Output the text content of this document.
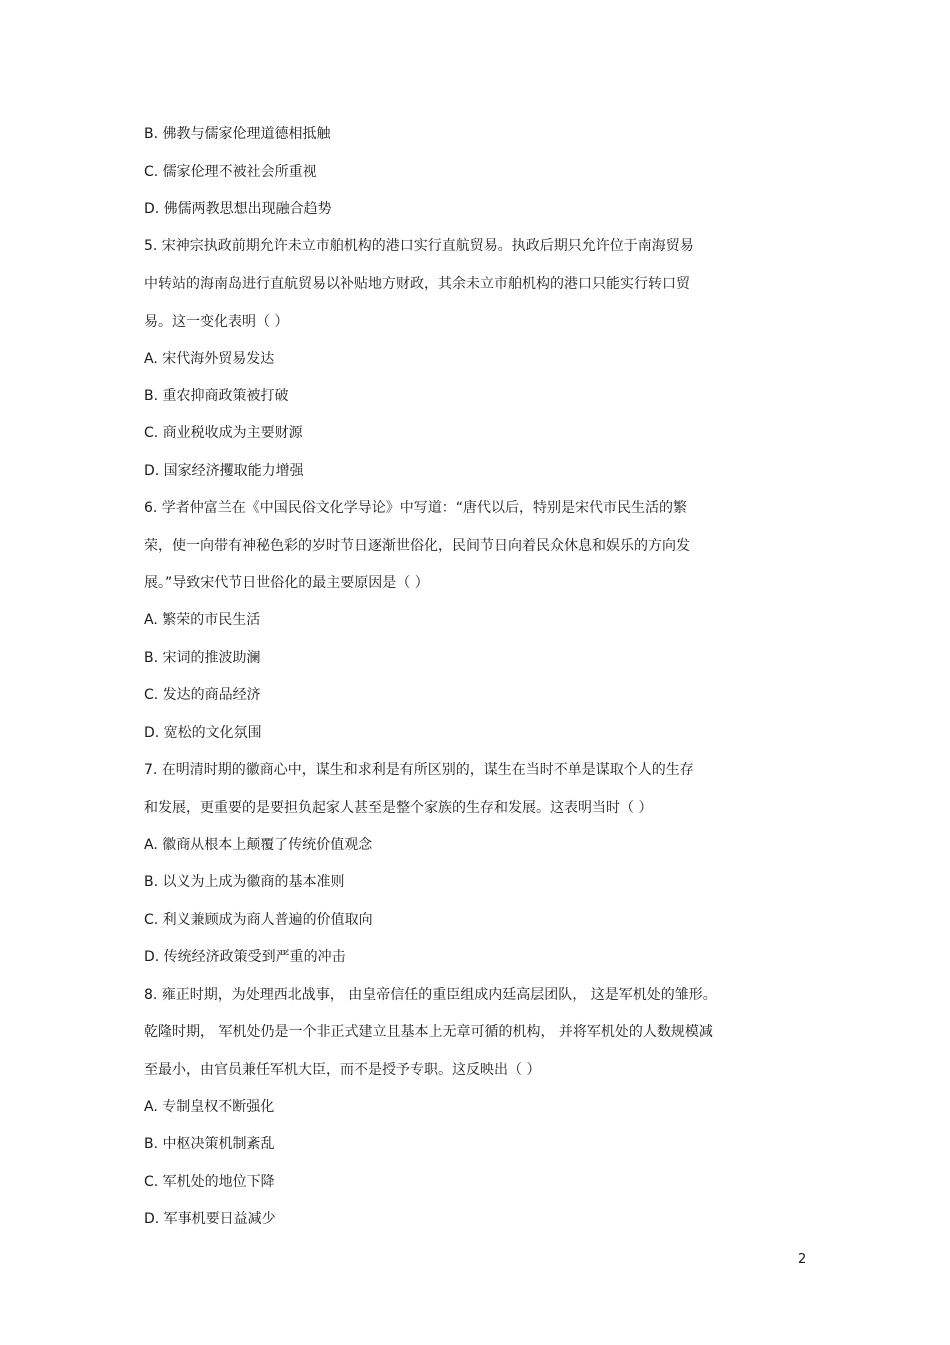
B. 佛教与儒家伦理道德相抵触
C. 儒家伦理不被社会所重视
D. 佛儒两教思想出现融合趋势
5. 宋神宗执政前期允许未立市舶机构的港口实行直航贸易。执政后期只允许位于南海贸易
中转站的海南岛进行直航贸易以补贴地方财政，其余未立市舶机构的港口只能实行转口贸
易。这一变化表明（ ）
A. 宋代海外贸易发达
B. 重农抑商政策被打破
C. 商业税收成为主要财源
D. 国家经济攫取能力增强
6. 学者仲富兰在《中国民俗文化学导论》中写道：“唐代以后，特别是宋代市民生活的繁
荣，使一向带有神秘色彩的岁时节日逐渐世俗化，民间节日向着民众休息和娱乐的方向发
展。”导致宋代节日世俗化的最主要原因是（ ）
A. 繁荣的市民生活
B. 宋词的推波助澜
C. 发达的商品经济
D. 宽松的文化氛围
7. 在明清时期的徽商心中，谋生和求利是有所区别的，谋生在当时不单是谋取个人的生存
和发展，更重要的是要担负起家人甚至是整个家族的生存和发展。这表明当时（ ）
A. 徽商从根本上颠覆了传统价值观念
B. 以义为上成为徽商的基本准则
C. 利义兼顾成为商人普遍的价值取向
D. 传统经济政策受到严重的冲击
8. 雍正时期，为处理西北战事， 由皇帝信任的重臣组成内廷高层团队， 这是军机处的雏形。
乾隆时期， 军机处仍是一个非正式建立且基本上无章可循的机构， 并将军机处的人数规模减
至最小，由官员兼任军机大臣，而不是授予专职。这反映出（ ）
A. 专制皇权不断强化
B. 中枢决策机制紊乱
C. 军机处的地位下降
D. 军事机要日益减少
2
